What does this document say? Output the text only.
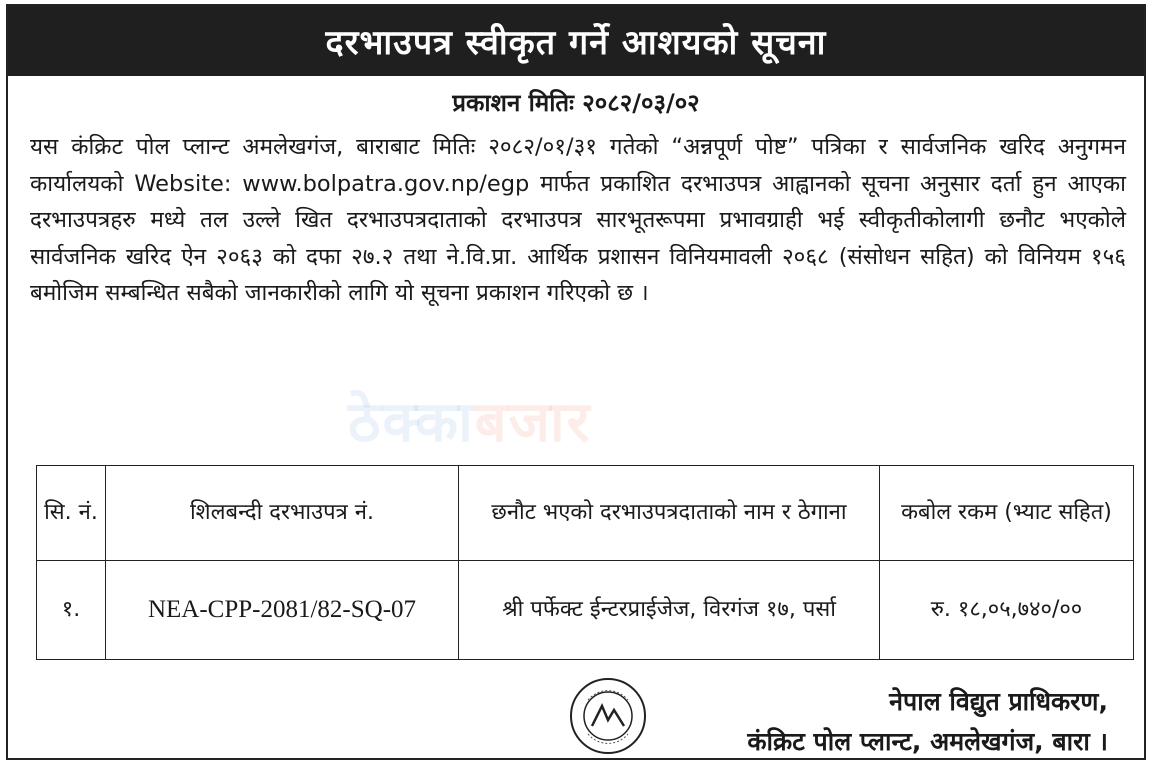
दरभाउपत्र स्वीकृत गर्ने आशयको सूचना
प्रकाशन मितिः २०८२/०३/०२
यस कंक्रिट पोल प्लान्ट अमलेखगंज, बाराबाट मितिः २०८२/०१/३१ गतेको “अन्नपूर्ण पोष्ट” पत्रिका र सार्वजनिक खरिद अनुगमन कार्यालयको Website: www.bolpatra.gov.np/egp मार्फत प्रकाशित दरभाउपत्र आह्वानको सूचना अनुसार दर्ता हुन आएका दरभाउपत्रहरु मध्ये तल उल्ले खित दरभाउपत्रदाताको दरभाउपत्र सारभूतरूपमा प्रभावग्राही भई स्वीकृतीकोलागी छनौट भएकोले सार्वजनिक खरिद ऐन २०६३ को दफा २७.२ तथा ने.वि.प्रा. आर्थिक प्रशासन विनियमावली २०६८ (संसोधन सहित) को विनियम १५६ बमोजिम सम्बन्धित सबैको जानकारीको लागि यो सूचना प्रकाशन गरिएको छ ।
ठेक्काबजार
सि. नं.	शिलबन्दी दरभाउपत्र नं.	छनौट भएको दरभाउपत्रदाताको नाम र ठेगाना	कबोल रकम (भ्याट सहित)
१.	NEA-CPP-2081/82-SQ-07	श्री पर्फेक्ट ईन्टरप्राईजेज, विरगंज १७, पर्सा	रु. १८,०५,७४०/००
नेपाल विद्युत प्राधिकरण,
कंक्रिट पोल प्लान्ट, अमलेखगंज, बारा ।
